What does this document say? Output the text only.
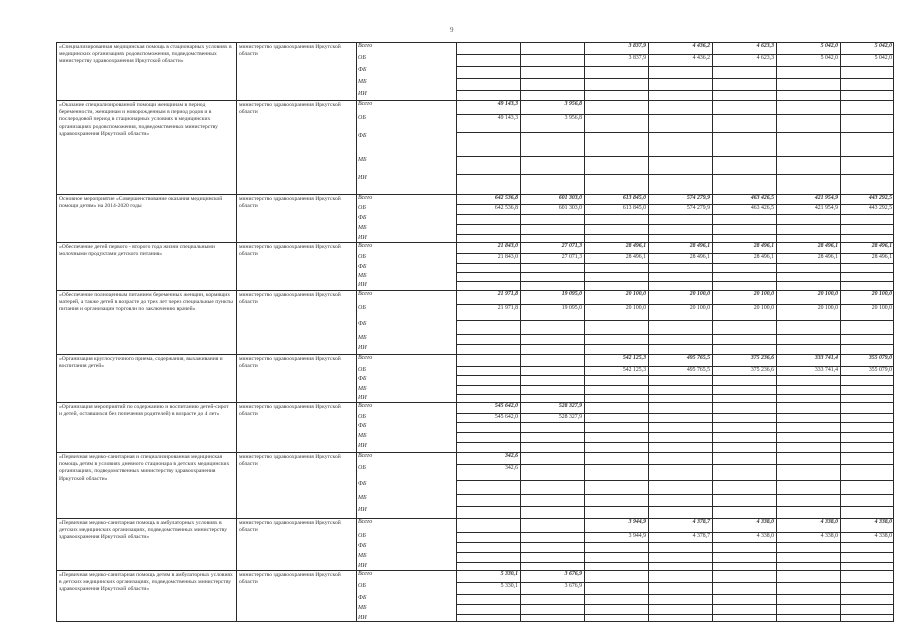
9
«Специализированная медицинская помощь в стационарных условиях в медицинских организациях родовспоможения, подведомственных министерству здравоохранения Иркутской области»
министерство здравоохранения Иркутской области
Всего
ОБ
ФБ
МБ
ИИ
3 837,9
3 837,9
4 436,2
4 436,2
4 623,3
4 623,3
5 042,0
5 042,0
5 042,0
5 042,0
«Оказание специализированной помощи женщинам в период беременности, женщинам и новорожденным в период родов и в послеродовой период в стационарных условиях в медицинских организациях родовспоможения, подведомственных министерству здравоохранения Иркутской области»
министерство здравоохранения Иркутской области
Всего
ОБ
ФБ
МБ
ИИ
49 143,3
49 143,3
3 956,8
3 956,8
Основное мероприятие «Совершенствование оказания медицинской помощи детям» на 2014-2020 годы
министерство здравоохранения Иркутской области
Всего
ОБ
ФБ
МБ
ИИ
642 536,8
642 536,8
601 303,0
601 303,0
613 845,0
613 845,0
574 279,9
574 279,9
463 426,5
463 426,5
421 954,9
421 954,9
443 292,5
443 292,5
«Обеспечение детей первого - второго года жизни специальными молочными продуктами детского питания»
министерство здравоохранения Иркутской области
Всего
ОБ
ФБ
МБ
ИИ
21 843,0
21 843,0
27 071,3
27 071,3
28 496,1
28 496,1
28 496,1
28 496,1
28 496,1
28 496,1
28 496,1
28 496,1
28 496,1
28 496,1
«Обеспечение полноценным питанием беременных женщин, кормящих матерей, а также детей в возрасте до трех лет через специальные пункты питания и организации торговли по заключению врачей»
министерство здравоохранения Иркутской области
Всего
ОБ
ФБ
МБ
ИИ
21 971,8
21 971,8
19 095,0
19 095,0
20 100,0
20 100,0
20 100,0
20 100,0
20 100,0
20 100,0
20 100,0
20 100,0
20 100,0
20 100,0
«Организация круглосуточного приема, содержания, выхаживания и воспитания детей»
министерство здравоохранения Иркутской области
Всего
ОБ
ФБ
МБ
ИИ
542 125,3
542 125,3
495 765,5
495 765,5
375 236,6
375 236,6
333 741,4
333 741,4
355 079,0
355 079,0
«Организация мероприятий по содержанию и воспитанию детей-сирот и детей, оставшихся без попечения родителей) в возрасте до 4 лет»
министерство здравоохранения Иркутской области
Всего
ОБ
ФБ
МБ
ИИ
545 642,0
545 642,0
528 327,9
528 327,9
«Первичная медико-санитарная и специализированная медицинская помощь детям в условиях дневного стационара в детских медицинских организациях, подведомственных министерству здравоохранения Иркутской области»
министерство здравоохранения Иркутской области
Всего
ОБ
ФБ
МБ
ИИ
342,6
342,6
«Первичная медико-санитарная помощь в амбулаторных условиях в детских медицинских организациях, подведомственных министерству здравоохранения Иркутской области»
министерство здравоохранения Иркутской области
Всего
ОБ
ФБ
МБ
ИИ
3 944,9
3 944,9
4 378,7
4 378,7
4 338,0
4 338,0
4 338,0
4 338,0
4 338,0
4 338,0
«Первичная медико-санитарная помощь детям в амбулаторных условиях в детских медицинских организациях, подведомственных министерству здравоохранения Иркутской области»
министерство здравоохранения Иркутской области
Всего
ОБ
ФБ
МБ
ИИ
5 330,1
5 330,1
3 676,9
3 676,9
